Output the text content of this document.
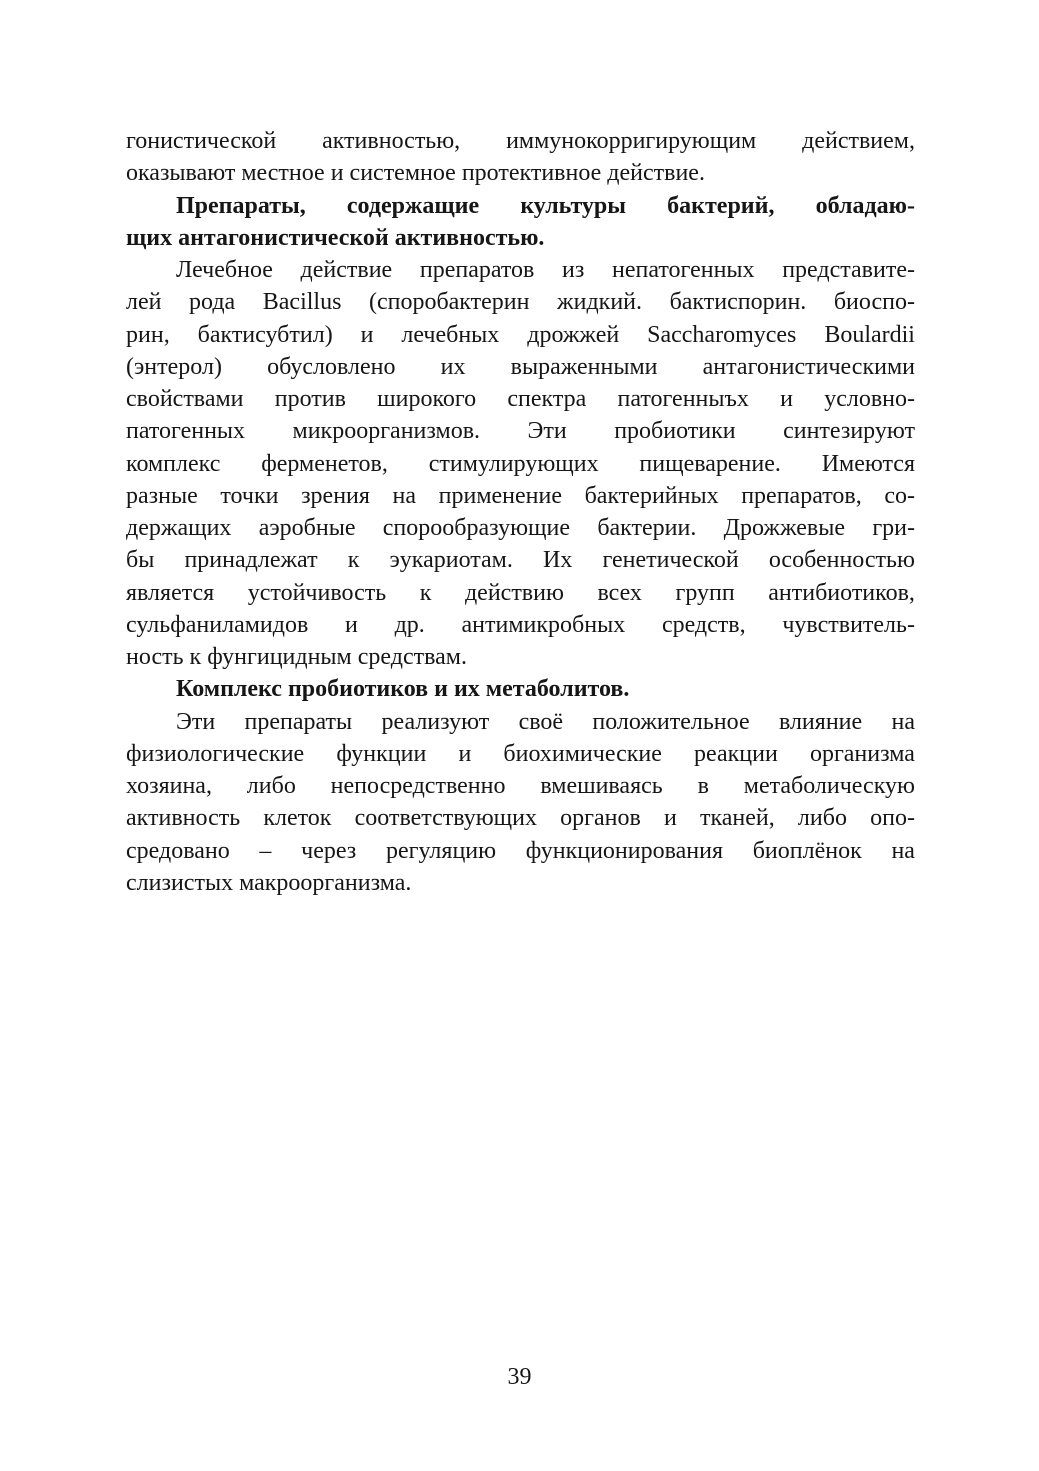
гонистической активностью, иммунокорригирующим действием,
оказывают местное и системное протективное действие.
Препараты, содержащие культуры бактерий, обладаю-
щих антагонистической активностью.
Лечебное действие препаратов из непатогенных представите-
лей рода Bacillus (споробактерин жидкий. бактиспорин. биоспо-
рин, бактисубтил) и лечебных дрожжей Saccharomyces Boulardii
(энтерол) обусловлено их выраженными антагонистическими
свойствами против широкого спектра патогенныъх и условно-
патогенных микроорганизмов. Эти пробиотики синтезируют
комплекс ферменетов, стимулирующих пищеварение. Имеются
разные точки зрения на применение бактерийных препаратов, со-
держащих аэробные спорообразующие бактерии. Дрожжевые гри-
бы принадлежат к эукариотам. Их генетической особенностью
является устойчивость к действию всех групп антибиотиков,
сульфаниламидов и др. антимикробных средств, чувствитель-
ность к фунгицидным средствам.
Комплекс пробиотиков и их метаболитов.
Эти препараты реализуют своё положительное влияние на
физиологические функции и биохимические реакции организма
хозяина, либо непосредственно вмешиваясь в метаболическую
активность клеток соответствующих органов и тканей, либо опо-
средовано – через регуляцию функционирования биоплёнок на
слизистых макроорганизма.
39
